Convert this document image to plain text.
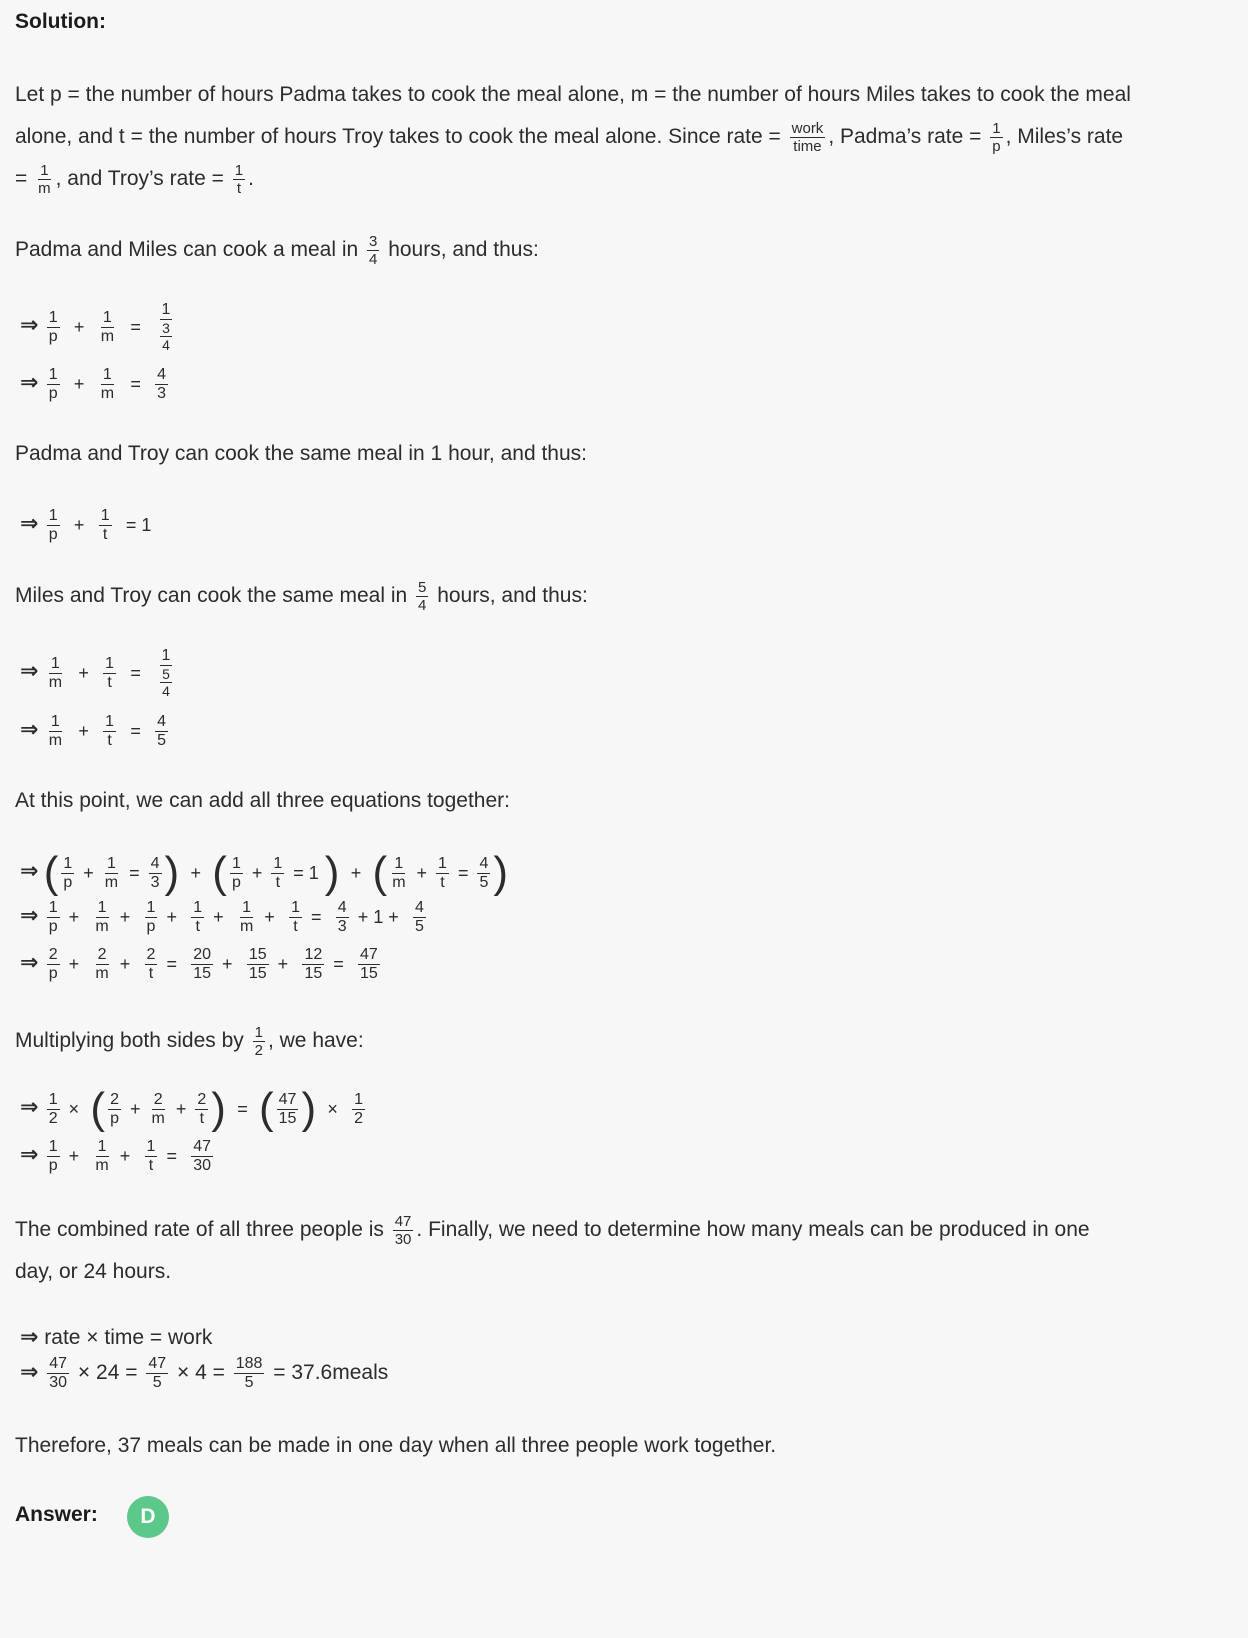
Solution:
Let p = the number of hours Padma takes to cook the meal alone, m = the number of hours Miles takes to cook the meal
alone, and t = the number of hours Troy takes to cook the meal alone. Since rate = $\frac{\text{work}}{\text{time}}$ , Padma’s rate = $\frac{1}{p}$ , Miles’s rate
= $\frac{1}{m}$ , and Troy’s rate = $\frac{1}{t}$ .
Padma and Miles can cook a meal in $\frac{3}{4}$ hours, and thus:
⇒ $\frac{1}{p} + \frac{1}{m} = \frac{1}{\frac{3}{4}}$
⇒ $\frac{1}{p} + \frac{1}{m} = \frac{4}{3}$
Padma and Troy can cook the same meal in 1 hour, and thus:
⇒ $\frac{1}{p} + \frac{1}{t} = 1$
Miles and Troy can cook the same meal in $\frac{5}{4}$ hours, and thus:
⇒ $\frac{1}{m} + \frac{1}{t} = \frac{1}{\frac{5}{4}}$
⇒ $\frac{1}{m} + \frac{1}{t} = \frac{4}{5}$
At this point, we can add all three equations together:
⇒ ( $\frac{1}{p} + \frac{1}{m} = \frac{4}{3}$ ) + ( $\frac{1}{p} + \frac{1}{t} = 1$ ) + ( $\frac{1}{m} + \frac{1}{t} = \frac{4}{5}$ )
⇒ $\frac{1}{p} + \frac{1}{m} + \frac{1}{p} + \frac{1}{t} + \frac{1}{m} + \frac{1}{t} = \frac{4}{3} + 1 + \frac{4}{5}$
⇒ $\frac{2}{p} + \frac{2}{m} + \frac{2}{t} = \frac{20}{15} + \frac{15}{15} + \frac{12}{15} = \frac{47}{15}$
Multiplying both sides by $\frac{1}{2}$ , we have:
⇒ $\frac{1}{2}$ × ( $\frac{2}{p} + \frac{2}{m} + \frac{2}{t}$ ) = ( $\frac{47}{15}$ ) × $\frac{1}{2}$
⇒ $\frac{1}{p} + \frac{1}{m} + \frac{1}{t} = \frac{47}{30}$
The combined rate of all three people is $\frac{47}{30}$ . Finally, we need to determine how many meals can be produced in one
day, or 24 hours.
⇒ rate × time = work
⇒ $\frac{47}{30} \times 24 = \frac{47}{5} \times 4 = \frac{188}{5}$ = 37.6meals
Therefore, 37 meals can be made in one day when all three people work together.
Answer:	D
